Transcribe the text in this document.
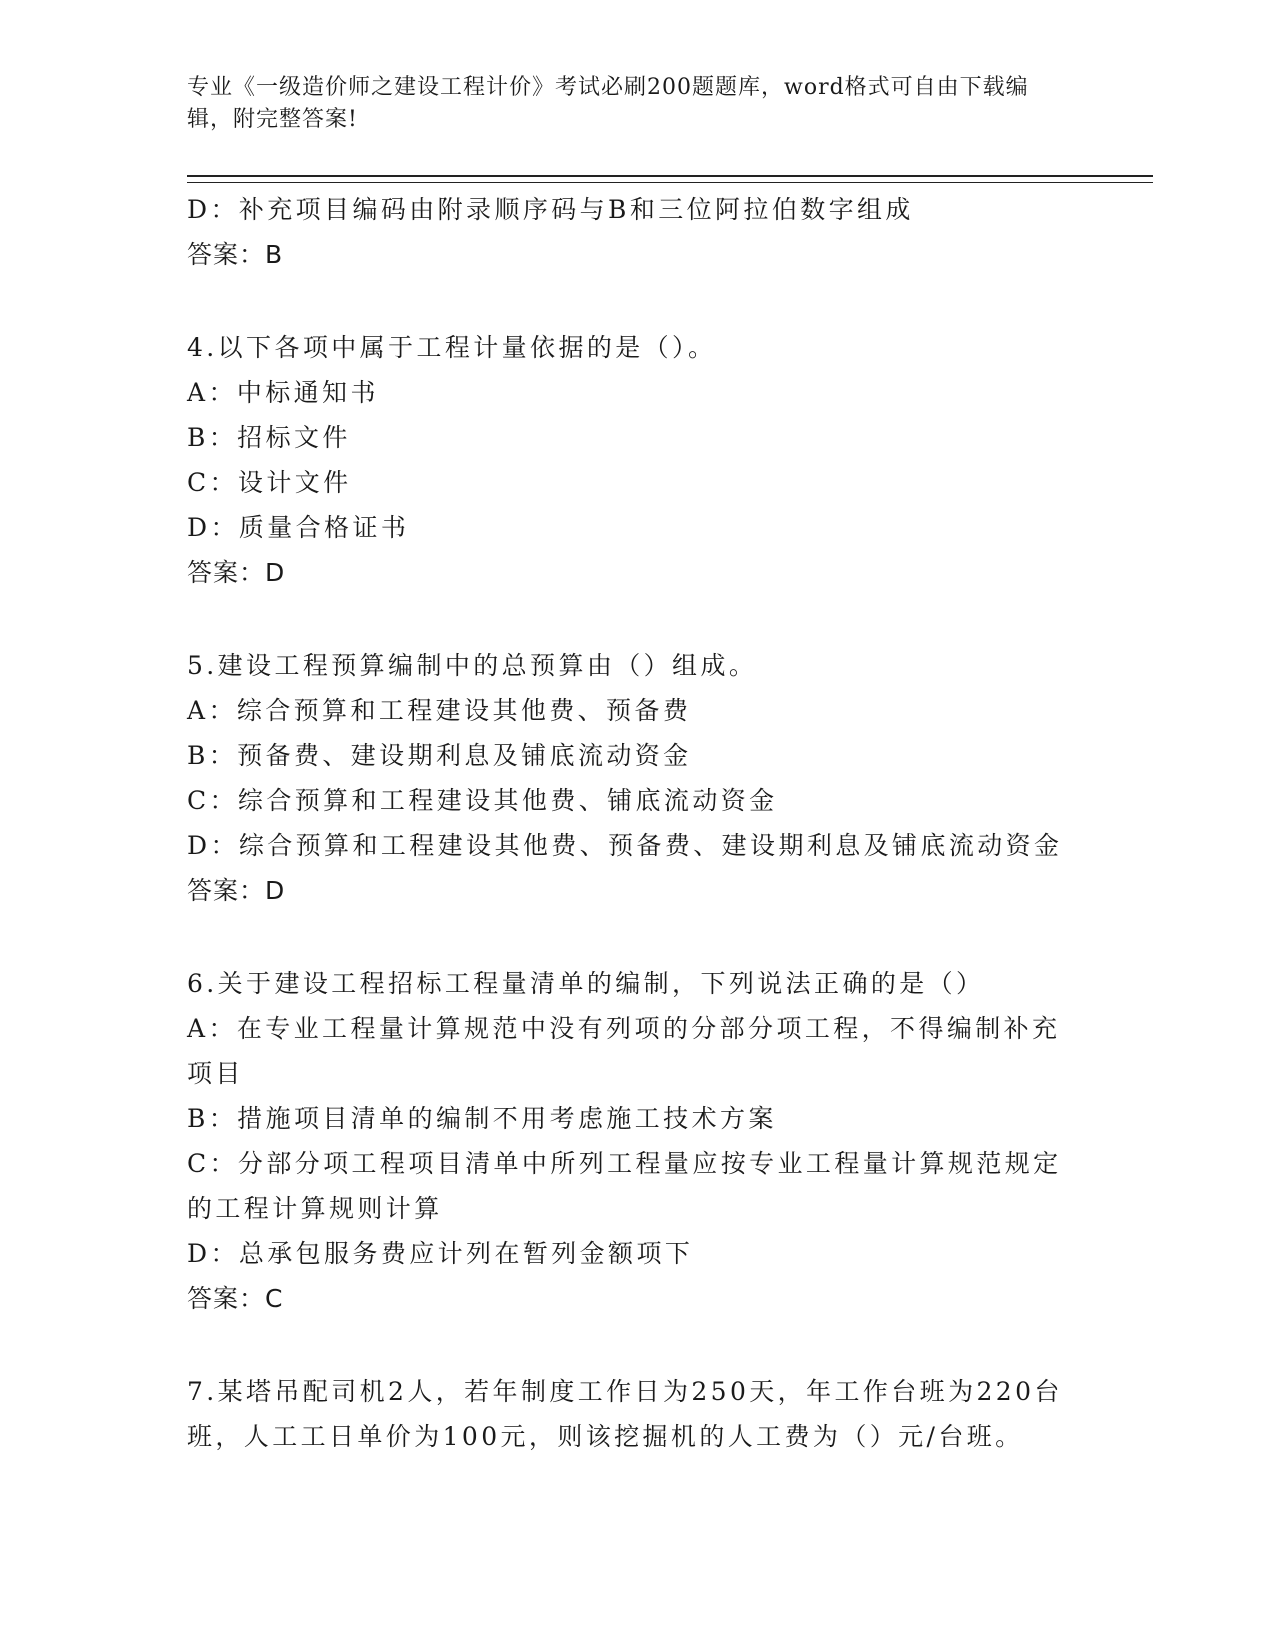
专业《一级造价师之建设工程计价》考试必刷200题题库，word格式可自由下载编辑，附完整答案!
D：补充项目编码由附录顺序码与B和三位阿拉伯数字组成
答案：B
4.以下各项中属于工程计量依据的是（）。
A：中标通知书
B：招标文件
C：设计文件
D：质量合格证书
答案：D
5.建设工程预算编制中的总预算由（）组成。
A：综合预算和工程建设其他费、预备费
B：预备费、建设期利息及铺底流动资金
C：综合预算和工程建设其他费、铺底流动资金
D：综合预算和工程建设其他费、预备费、建设期利息及铺底流动资金
答案：D
6.关于建设工程招标工程量清单的编制，下列说法正确的是（）
A：在专业工程量计算规范中没有列项的分部分项工程，不得编制补充项目
B：措施项目清单的编制不用考虑施工技术方案
C：分部分项工程项目清单中所列工程量应按专业工程量计算规范规定的工程计算规则计算
D：总承包服务费应计列在暂列金额项下
答案：C
7.某塔吊配司机2人，若年制度工作日为250天，年工作台班为220台班，人工工日单价为100元，则该挖掘机的人工费为（）元/台班。
